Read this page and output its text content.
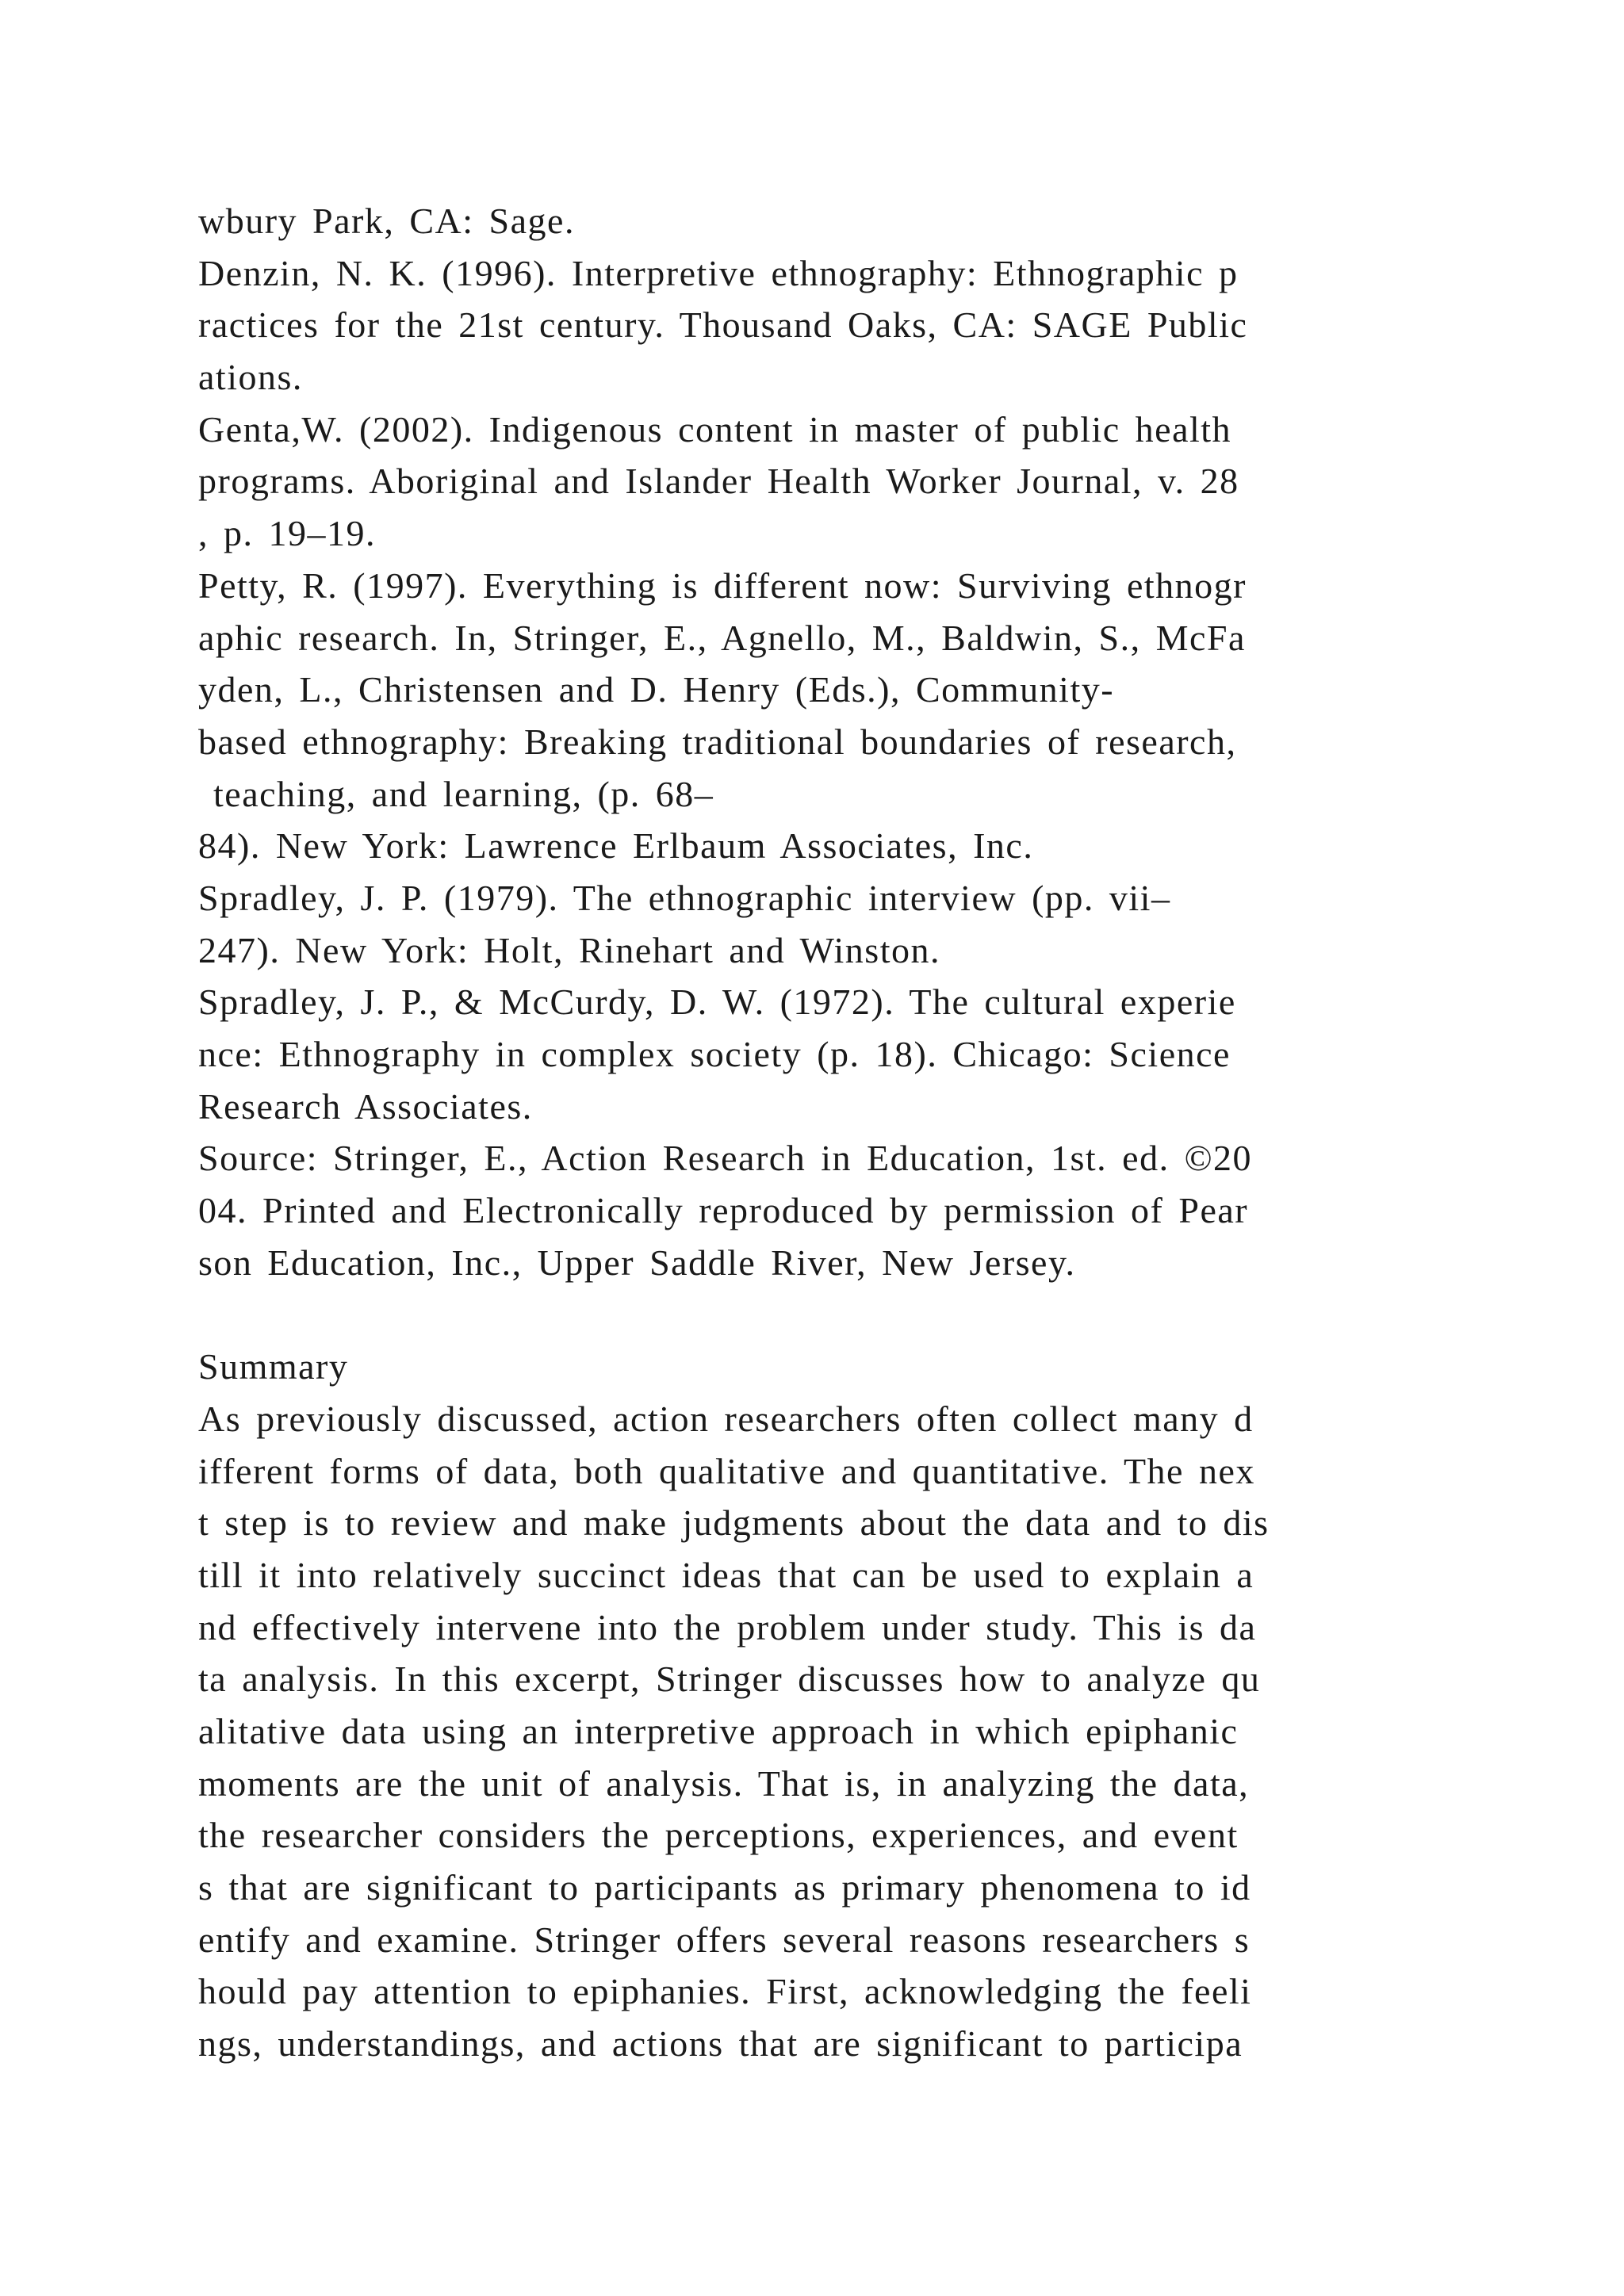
wbury Park, CA: Sage.
Denzin, N. K. (1996). Interpretive ethnography: Ethnographic p
ractices for the 21st century. Thousand Oaks, CA: SAGE Public
ations.
Genta,W. (2002). Indigenous content in master of public health
programs. Aboriginal and Islander Health Worker Journal, v. 28
, p. 19–19.
Petty, R. (1997). Everything is different now: Surviving ethnogr
aphic research. In, Stringer, E., Agnello, M., Baldwin, S., McFa
yden, L., Christensen and D. Henry (Eds.), Community-
based ethnography: Breaking traditional boundaries of research,
teaching, and learning, (p. 68–
84). New York: Lawrence Erlbaum Associates, Inc.
Spradley, J. P. (1979). The ethnographic interview (pp. vii–
247). New York: Holt, Rinehart and Winston.
Spradley, J. P., & McCurdy, D. W. (1972). The cultural experie
nce: Ethnography in complex society (p. 18). Chicago: Science
Research Associates.
Source: Stringer, E., Action Research in Education, 1st. ed. ©20
04. Printed and Electronically reproduced by permission of Pear
son Education, Inc., Upper Saddle River, New Jersey.
Summary
As previously discussed, action researchers often collect many d
ifferent forms of data, both qualitative and quantitative. The nex
t step is to review and make judgments about the data and to dis
till it into relatively succinct ideas that can be used to explain a
nd effectively intervene into the problem under study. This is da
ta analysis. In this excerpt, Stringer discusses how to analyze qu
alitative data using an interpretive approach in which epiphanic
moments are the unit of analysis. That is, in analyzing the data,
the researcher considers the perceptions, experiences, and event
s that are significant to participants as primary phenomena to id
entify and examine. Stringer offers several reasons researchers s
hould pay attention to epiphanies. First, acknowledging the feeli
ngs, understandings, and actions that are significant to participa
